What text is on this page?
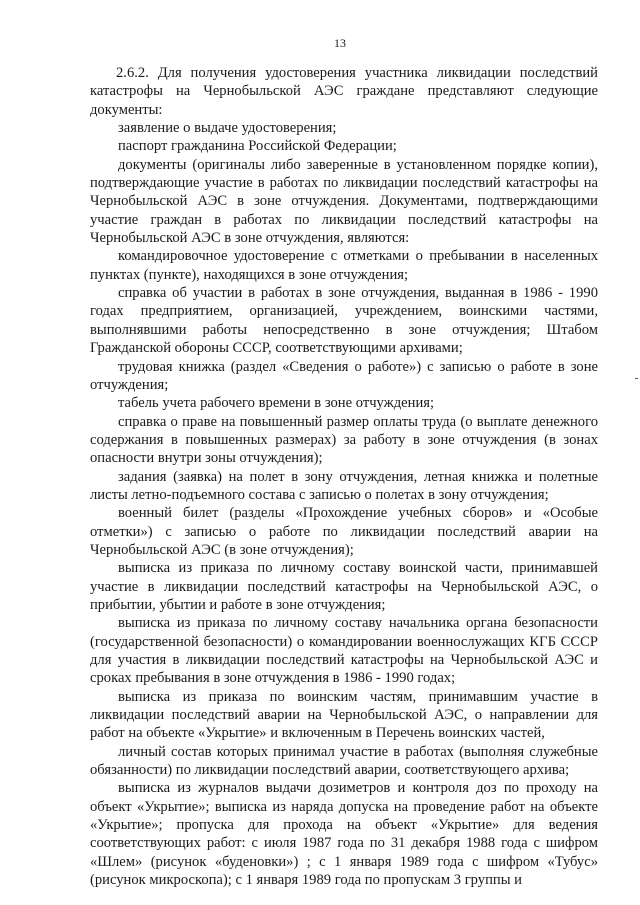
13

2.6.2. Для получения удостоверения участника ликвидации последствий катастрофы на Чернобыльской АЭС граждане представляют следующие документы:

заявление о выдаче удостоверения;

паспорт гражданина Российской Федерации;

документы (оригиналы либо заверенные в установленном порядке копии), подтверждающие участие в работах по ликвидации последствий катастрофы на Чернобыльской АЭС в зоне отчуждения. Документами, подтверждающими участие граждан в работах по ликвидации последствий катастрофы на Чернобыльской АЭС в зоне отчуждения, являются:

командировочное удостоверение с отметками о пребывании в населенных пунктах (пункте), находящихся в зоне отчуждения;

справка об участии в работах в зоне отчуждения, выданная в 1986 - 1990 годах предприятием, организацией, учреждением, воинскими частями, выполнявшими работы непосредственно в зоне отчуждения; Штабом Гражданской обороны СССР, соответствующими архивами;

трудовая книжка (раздел «Сведения о работе») с записью о работе в зоне отчуждения;

табель учета рабочего времени в зоне отчуждения;

справка о праве на повышенный размер оплаты труда (о выплате денежного содержания в повышенных размерах) за работу в зоне отчуждения (в зонах опасности внутри зоны отчуждения);

задания (заявка) на полет в зону отчуждения, летная книжка и полетные листы летно-подъемного состава с записью о полетах в зону отчуждения;

военный билет (разделы «Прохождение учебных сборов» и «Особые отметки») с записью о работе по ликвидации последствий аварии на Чернобыльской АЭС (в зоне отчуждения);

выписка из приказа по личному составу воинской части, принимавшей участие в ликвидации последствий катастрофы на Чернобыльской АЭС, о прибытии, убытии и работе в зоне отчуждения;

выписка из приказа по личному составу начальника органа безопасности (государственной безопасности) о командировании военнослужащих КГБ СССР для участия в ликвидации последствий катастрофы на Чернобыльской АЭС и сроках пребывания в зоне отчуждения в 1986 - 1990 годах;

выписка из приказа по воинским частям, принимавшим участие в ликвидации последствий аварии на Чернобыльской АЭС, о направлении для работ на объекте «Укрытие» и включенным в Перечень воинских частей,

личный состав которых принимал участие в работах (выполняя служебные обязанности) по ликвидации последствий аварии, соответствующего архива;

выписка из журналов выдачи дозиметров и контроля доз по проходу на объект «Укрытие»; выписка из наряда допуска на проведение работ на объекте «Укрытие»; пропуска для прохода на объект «Укрытие» для ведения соответствующих работ: с июля 1987 года по 31 декабря 1988 года с шифром «Шлем» (рисунок «буденовки») ; с 1 января 1989 года с шифром «Тубус» (рисунок микроскопа); с 1 января 1989 года по пропускам 3 группы и
